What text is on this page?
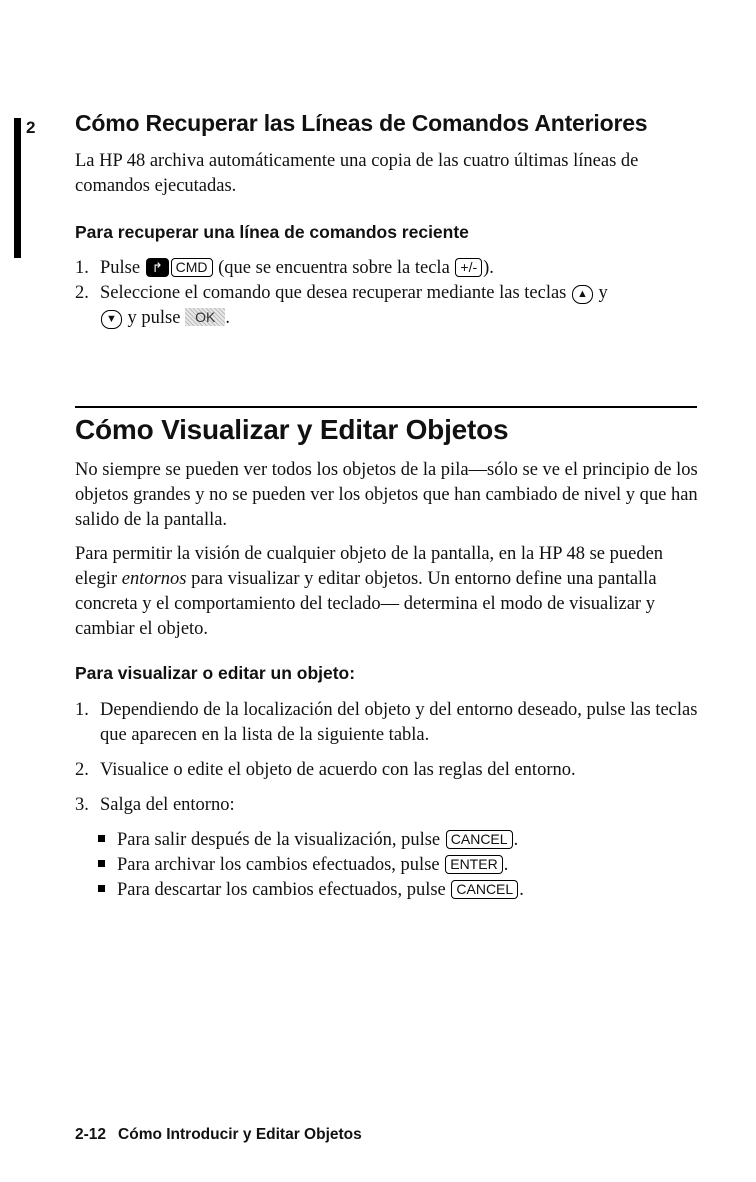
2 Cómo Recuperar las Líneas de Comandos Anteriores
La HP 48 archiva automáticamente una copia de las cuatro últimas líneas de comandos ejecutadas.
Para recuperar una línea de comandos reciente
1. Pulse ↱ CMD (que se encuentra sobre la tecla +/- ).
2. Seleccione el comando que desea recuperar mediante las teclas ▲ y
▼ y pulse OK .
Cómo Visualizar y Editar Objetos
No siempre se pueden ver todos los objetos de la pila—sólo se ve el principio de los objetos grandes y no se pueden ver los objetos que han cambiado de nivel y que han salido de la pantalla.
Para permitir la visión de cualquier objeto de la pantalla, en la HP 48 se pueden elegir entornos para visualizar y editar objetos. Un entorno define una pantalla concreta y el comportamiento del teclado— determina el modo de visualizar y cambiar el objeto.
Para visualizar o editar un objeto:
1. Dependiendo de la localización del objeto y del entorno deseado, pulse las teclas que aparecen en la lista de la siguiente tabla.
2. Visualice o edite el objeto de acuerdo con las reglas del entorno.
3. Salga del entorno:
Para salir después de la visualización, pulse CANCEL .
Para archivar los cambios efectuados, pulse ENTER .
Para descartar los cambios efectuados, pulse CANCEL .
2-12 Cómo Introducir y Editar Objetos
